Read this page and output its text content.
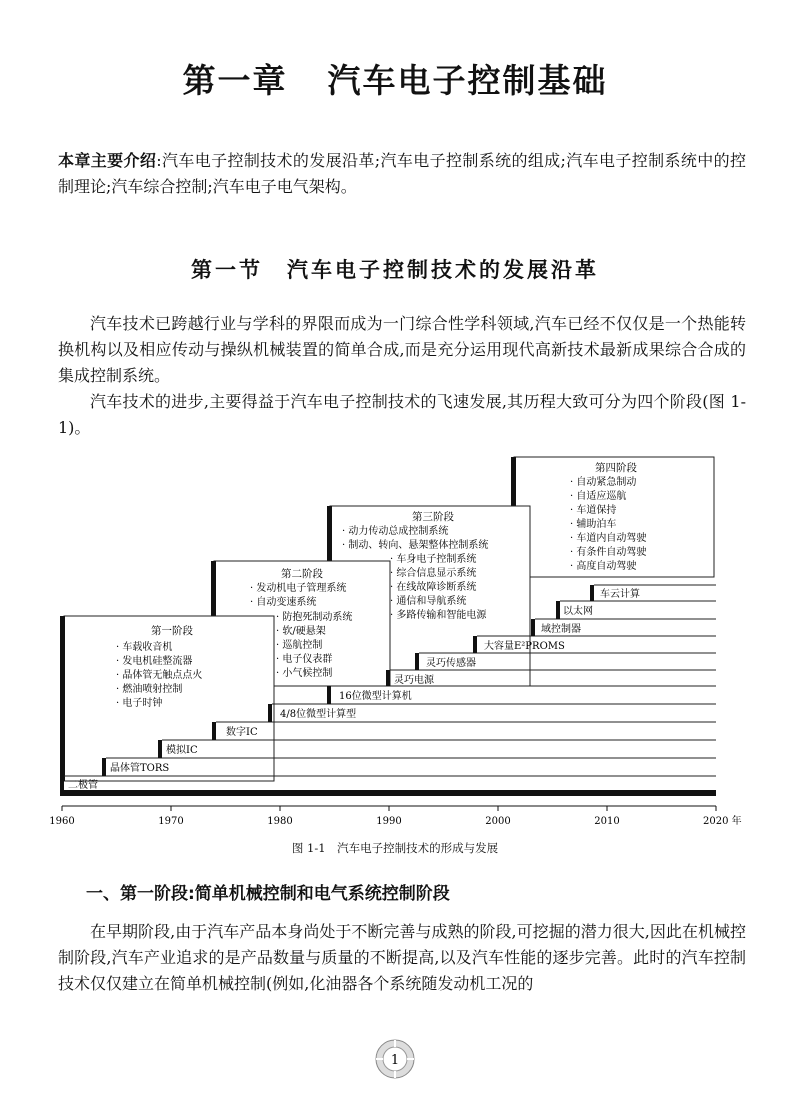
第一章 汽车电子控制基础
本章主要介绍:汽车电子控制技术的发展沿革;汽车电子控制系统的组成;汽车电子控制系统中的控制理论;汽车综合控制;汽车电子电气架构。
第一节　汽车电子控制技术的发展沿革
汽车技术已跨越行业与学科的界限而成为一门综合性学科领域,汽车已经不仅仅是一个热能转换机构以及相应传动与操纵机械装置的简单合成,而是充分运用现代高新技术最新成果综合合成的集成控制系统。
汽车技术的进步,主要得益于汽车电子控制技术的飞速发展,其历程大致可分为四个阶段(图 1-1)。
第一阶段
· 车载收音机
· 发电机硅整流器
· 晶体管无触点点火
· 燃油喷射控制
· 电子时钟
第二阶段
· 发动机电子管理系统
· 自动变速系统
· 防抱死制动系统
· 软/硬悬架
· 巡航控制
· 电子仪表群
· 小气候控制
第三阶段
· 动力传动总成控制系统
· 制动、转向、悬架整体控制系统
· 车身电子控制系统
· 综合信息显示系统
· 在线故障诊断系统
· 通信和导航系统
· 多路传输和智能电源
第四阶段
· 自动紧急制动
· 自适应巡航
· 车道保持
· 辅助泊车
· 车道内自动驾驶
· 有条件自动驾驶
· 高度自动驾驶
二极管
晶体管TORS
模拟IC
数字IC
4/8位微型计算型
16位微型计算机
灵巧电源
灵巧传感器
大容量E²PROMS
域控制器
以太网
车云计算
1960	1970	1980	1990	2000	2010	2020 年
图 1-1　汽车电子控制技术的形成与发展
一、第一阶段:简单机械控制和电气系统控制阶段
在早期阶段,由于汽车产品本身尚处于不断完善与成熟的阶段,可挖掘的潜力很大,因此在机械控制阶段,汽车产业追求的是产品数量与质量的不断提高,以及汽车性能的逐步完善。此时的汽车控制技术仅仅建立在简单机械控制(例如,化油器各个系统随发动机工况的
1
